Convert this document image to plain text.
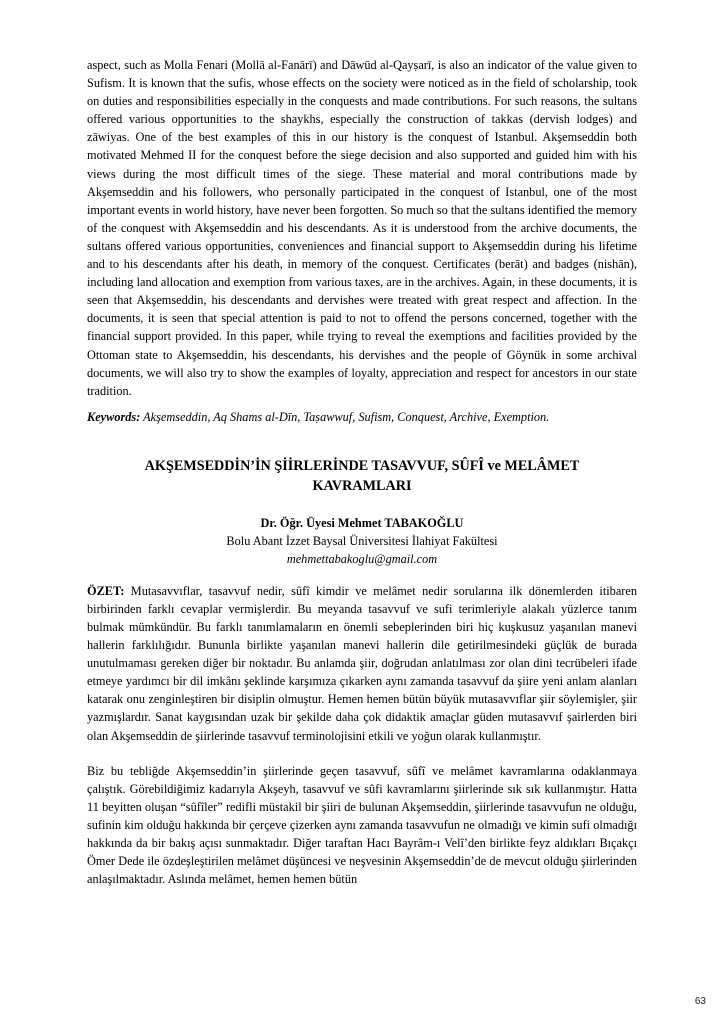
aspect, such as Molla Fenari (Mollā al-Fanārī) and Dāwūd al-Qayṣarī, is also an indicator of the value given to Sufism. It is known that the sufis, whose effects on the society were noticed as in the field of scholarship, took on duties and responsibilities especially in the conquests and made contributions. For such reasons, the sultans offered various opportunities to the shaykhs, especially the construction of takkas (dervish lodges) and zāwiyas. One of the best examples of this in our history is the conquest of Istanbul. Akşemseddin both motivated Mehmed II for the conquest before the siege decision and also supported and guided him with his views during the most difficult times of the siege. These material and moral contributions made by Akşemseddin and his followers, who personally participated in the conquest of Istanbul, one of the most important events in world history, have never been forgotten. So much so that the sultans identified the memory of the conquest with Akşemseddin and his descendants. As it is understood from the archive documents, the sultans offered various opportunities, conveniences and financial support to Akşemseddin during his lifetime and to his descendants after his death, in memory of the conquest. Certificates (berāt) and badges (nishān), including land allocation and exemption from various taxes, are in the archives. Again, in these documents, it is seen that Akşemseddin, his descendants and dervishes were treated with great respect and affection. In the documents, it is seen that special attention is paid to not to offend the persons concerned, together with the financial support provided. In this paper, while trying to reveal the exemptions and facilities provided by the Ottoman state to Akşemseddin, his descendants, his dervishes and the people of Göynük in some archival documents, we will also try to show the examples of loyalty, appreciation and respect for ancestors in our state tradition.

Keywords: Akşemseddin, Aq Shams al-Dīn, Taṣawwuf, Sufism, Conquest, Archive, Exemption.

AKŞEMSEDDİN’İN ŞİİRLERİNDE TASAVVUF, SÛFÎ ve MELÂMET
KAVRAMLARI
Dr. Öğr. Üyesi Mehmet TABAKOĞLU
Bolu Abant İzzet Baysal Üniversitesi İlahiyat Fakültesi
mehmettabakoglu@gmail.com

ÖZET: Mutasavvıflar, tasavvuf nedir, sûfî kimdir ve melâmet nedir sorularına ilk dönemlerden itibaren birbirinden farklı cevaplar vermişlerdir. Bu meyanda tasavvuf ve sufi terimleriyle alakalı yüzlerce tanım bulmak mümkündür. Bu farklı tanımlamaların en önemli sebeplerinden biri hiç kuşkusuz yaşanılan manevi hallerin farklılığıdır. Bununla birlikte yaşanılan manevi hallerin dile getirilmesindeki güçlük de burada unutulmaması gereken diğer bir noktadır. Bu anlamda şiir, doğrudan anlatılması zor olan dini tecrübeleri ifade etmeye yardımcı bir dil imkânı şeklinde karşımıza çıkarken aynı zamanda tasavvuf da şiire yeni anlam alanları katarak onu zenginleştiren bir disiplin olmuştur. Hemen hemen bütün büyük mutasavvıflar şiir söylemişler, şiir yazmışlardır. Sanat kaygısından uzak bir şekilde daha çok didaktik amaçlar güden mutasavvıf şairlerden biri olan Akşemseddin de şiirlerinde tasavvuf terminolojisini etkili ve yoğun olarak kullanmıştır.

Biz bu tebliğde Akşemseddin’in şiirlerinde geçen tasavvuf, sûfî ve melâmet kavramlarına odaklanmaya çalıştık. Görebildiğimiz kadarıyla Akşeyh, tasavvuf ve sûfi kavramlarını şiirlerinde sık sık kullanmıştır. Hatta 11 beyitten oluşan “sûfîler” redifli müstakil bir şiiri de bulunan Akşemseddin, şiirlerinde tasavvufun ne olduğu, sufinin kim olduğu hakkında bir çerçeve çizerken aynı zamanda tasavvufun ne olmadığı ve kimin sufi olmadığı hakkında da bir bakış açısı sunmaktadır. Diğer taraftan Hacı Bayrâm-ı Velî’den birlikte feyz aldıkları Bıçakçı Ömer Dede ile özdeşleştirilen melâmet düşüncesi ve neşvesinin Akşemseddin’de de mevcut olduğu şiirlerinden anlaşılmaktadır. Aslında melâmet, hemen hemen bütün

63
